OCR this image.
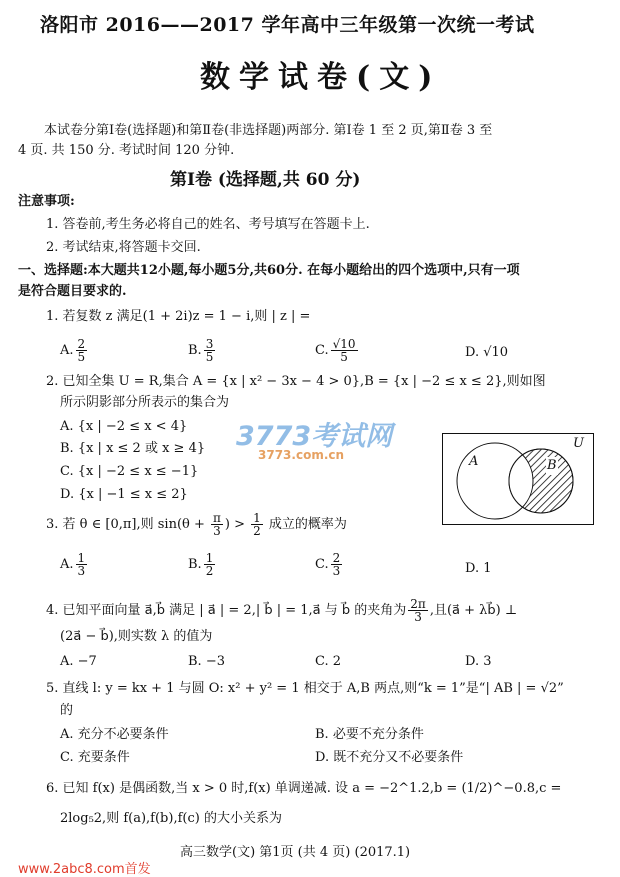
洛阳市 2016——2017 学年高中三年级第一次统一考试
数学试卷(文)
本试卷分第Ⅰ卷(选择题)和第Ⅱ卷(非选择题)两部分. 第Ⅰ卷 1 至 2 页,第Ⅱ卷 3 至
4 页. 共 150 分. 考试时间 120 分钟.
第Ⅰ卷 (选择题,共 60 分)
注意事项:
1. 答卷前,考生务必将自己的姓名、考号填写在答题卡上.
2. 考试结束,将答题卡交回.
一、选择题:本大题共12小题,每小题5分,共60分. 在每小题给出的四个选项中,只有一项
是符合题目要求的.
1. 若复数 z 满足(1 + 2i)z = 1 − i,则 | z | =
A. $\frac{2}{5}$	B. $\frac{3}{5}$	C. $\frac{√10}{5}$	D. √10
2. 已知全集 U = R,集合 A = {x | x² − 3x − 4 > 0},B = {x | −2 ≤ x ≤ 2},则如图
所示阴影部分所表示的集合为
A. {x | −2 ≤ x < 4}
B. {x | x ≤ 2 或 x ≥ 4}
C. {x | −2 ≤ x ≤ −1}
D. {x | −1 ≤ x ≤ 2}
3773考试网
3773.com.cn
U
A	B
3. 若 θ ∈ [0,π],则 $\sin(\theta + \frac{\pi}{3}$ ) > $\frac{1}{2}$ 成立的概率为
A. $\frac{1}{3}$	B. $\frac{1}{2}$	C. $\frac{2}{3}$	D. 1
4. 已知平面向量 a⃗,b⃗ 满足 | a⃗ | = 2,| b⃗ | = 1,a⃗ 与 b⃗ 的夹角为 $\frac{2\pi}{3}$ ,且(a⃗ + λb⃗) ⊥
(2a⃗ − b⃗),则实数 λ 的值为
A. −7	B. −3	C. 2	D. 3
5. 直线 l: y = kx + 1 与圆 O: x² + y² = 1 相交于 A,B 两点,则“k = 1”是“| AB | = √2”
的
A. 充分不必要条件	B. 必要不充分条件
C. 充要条件	D. 既不充分又不必要条件
6. 已知 f(x) 是偶函数,当 x > 0 时,f(x) 单调递减. 设 a = −2^1.2,b = (1/2)^−0.8,c =
2log₅2,则 f(a),f(b),f(c) 的大小关系为
高三数学(文) 第1页 (共 4 页) (2017.1)
www.2abc8.com首发
